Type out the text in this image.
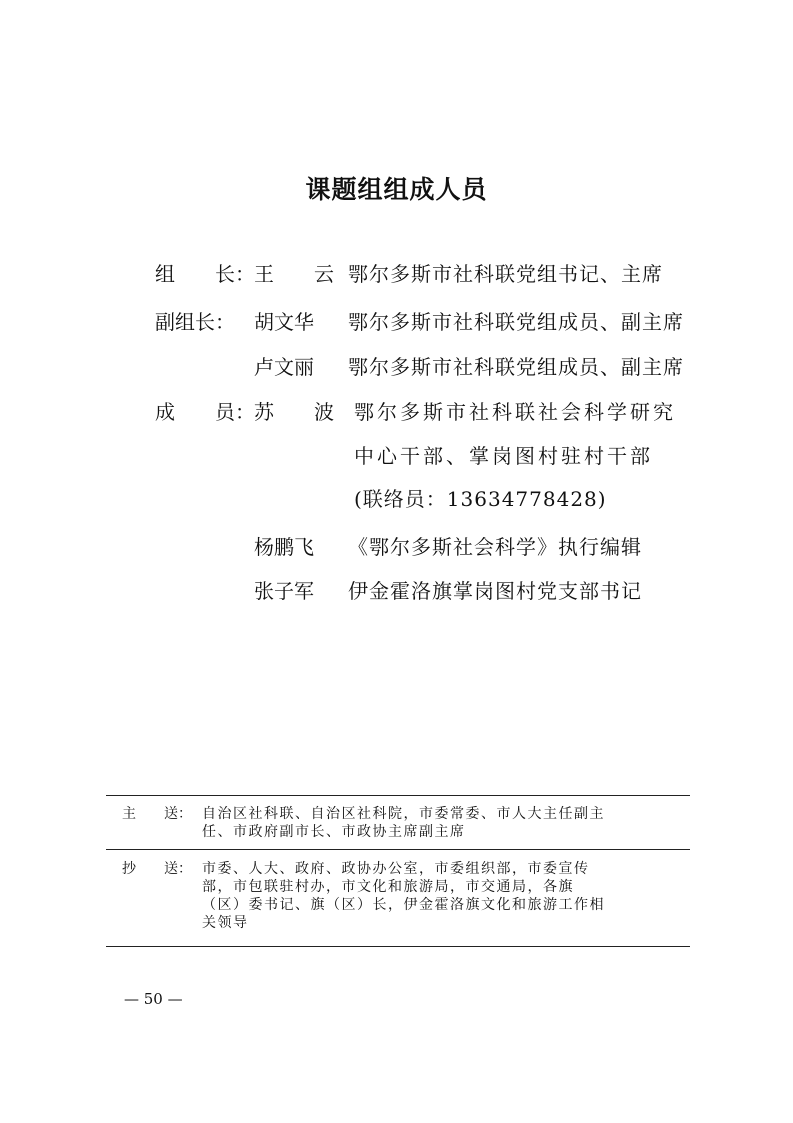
课题组组成人员
组　　长： 王　　云 鄂尔多斯市社科联党组书记、主席
副组长： 胡文华	鄂尔多斯市社科联党组成员、副主席
卢文丽	鄂尔多斯市社科联党组成员、副主席
成　　员： 苏　　波	鄂尔多斯市社科联社会科学研究
中心干部、掌岗图村驻村干部
(联络员：13634778428)
杨鹏飞	《鄂尔多斯社会科学》执行编辑
张子军	伊金霍洛旗掌岗图村党支部书记
主　　送： 自治区社科联、自治区社科院，市委常委、市人大主任副主
任、市政府副市长、市政协主席副主席
抄　　送： 市委、人大、政府、政协办公室，市委组织部，市委宣传
部，市包联驻村办，市文化和旅游局，市交通局，各旗
（区）委书记、旗（区）长，伊金霍洛旗文化和旅游工作相
关领导
— 50 —
